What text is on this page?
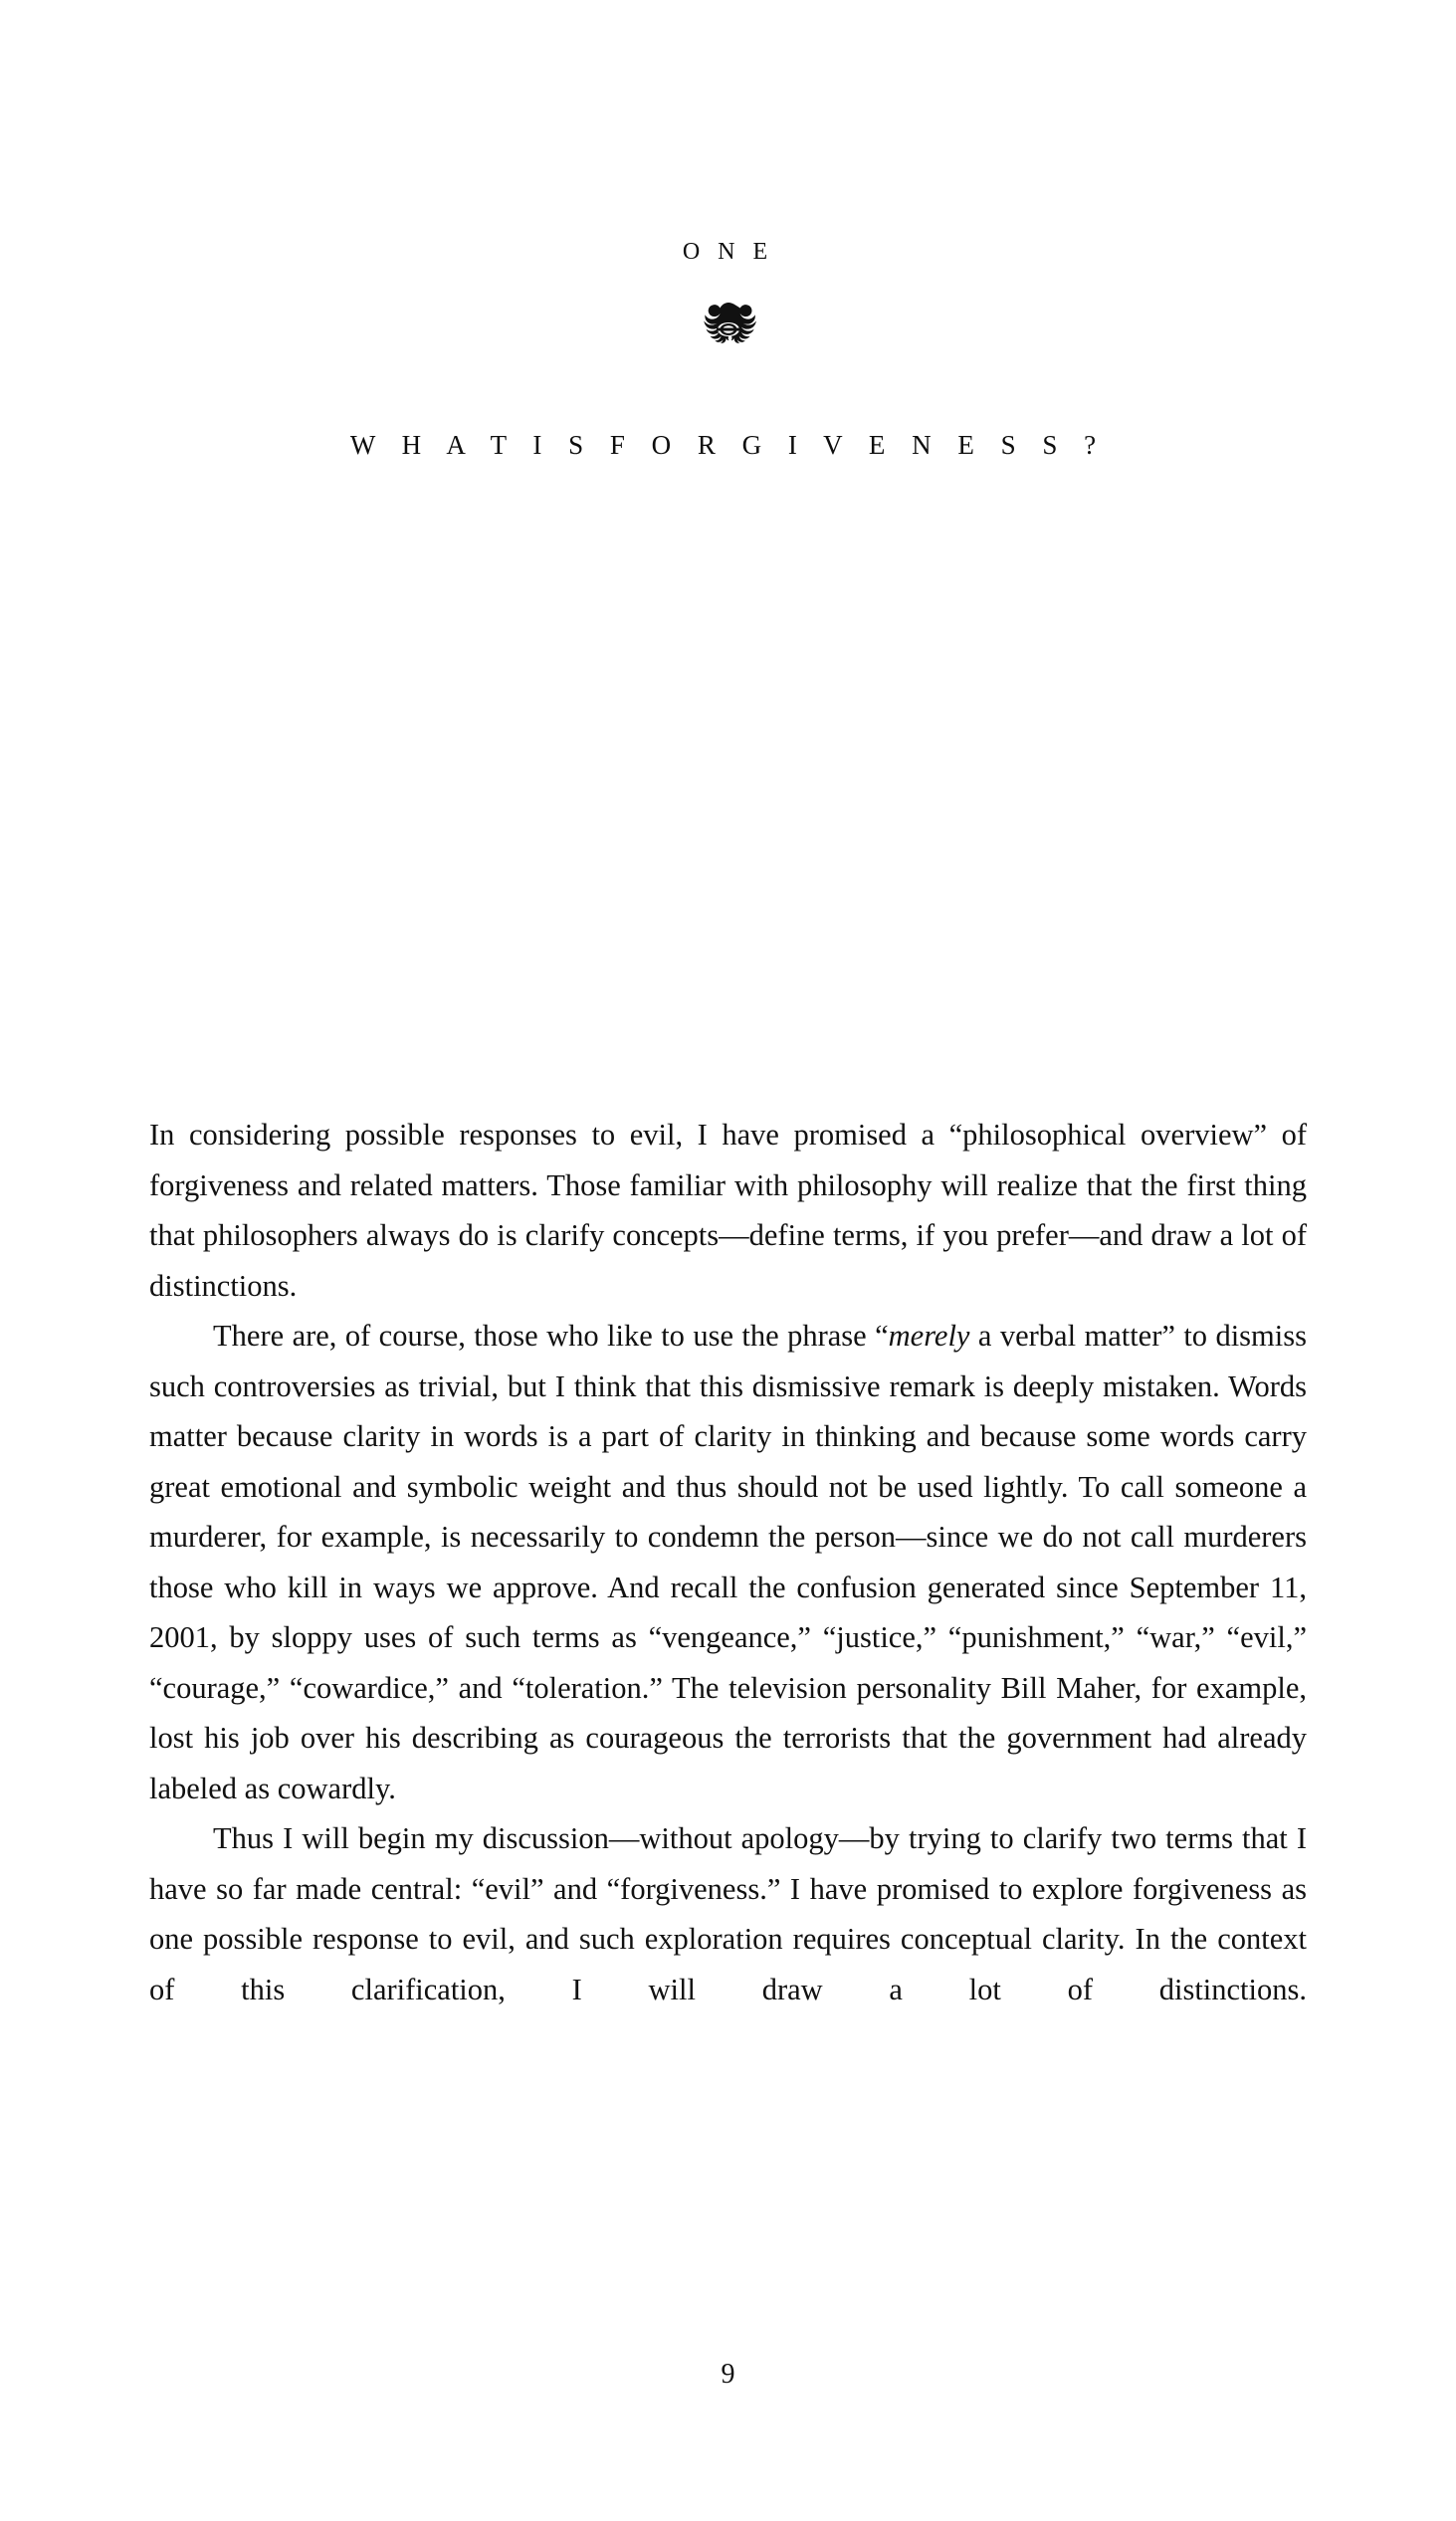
O N E
W H A T I S F O R G I V E N E S S ?

In considering possible responses to evil, I have promised a “philosophical overview” of forgiveness and related matters. Those familiar with philosophy will realize that the first thing that philosophers always do is clarify concepts—define terms, if you prefer—and draw a lot of distinctions.

There are, of course, those who like to use the phrase “merely a verbal matter” to dismiss such controversies as trivial, but I think that this dismissive remark is deeply mistaken. Words matter because clarity in words is a part of clarity in thinking and because some words carry great emotional and symbolic weight and thus should not be used lightly. To call someone a murderer, for example, is necessarily to condemn the person—since we do not call murderers those who kill in ways we approve. And recall the confusion generated since September 11, 2001, by sloppy uses of such terms as “vengeance,” “justice,” “punishment,” “war,” “evil,” “courage,” “cowardice,” and “toleration.” The television personality Bill Maher, for example, lost his job over his describing as courageous the terrorists that the government had already labeled as cowardly.

Thus I will begin my discussion—without apology—by trying to clarify two terms that I have so far made central: “evil” and “forgiveness.” I have promised to explore forgiveness as one possible response to evil, and such exploration requires conceptual clarity. In the context of this clarification, I will draw a lot of distinctions.

9
